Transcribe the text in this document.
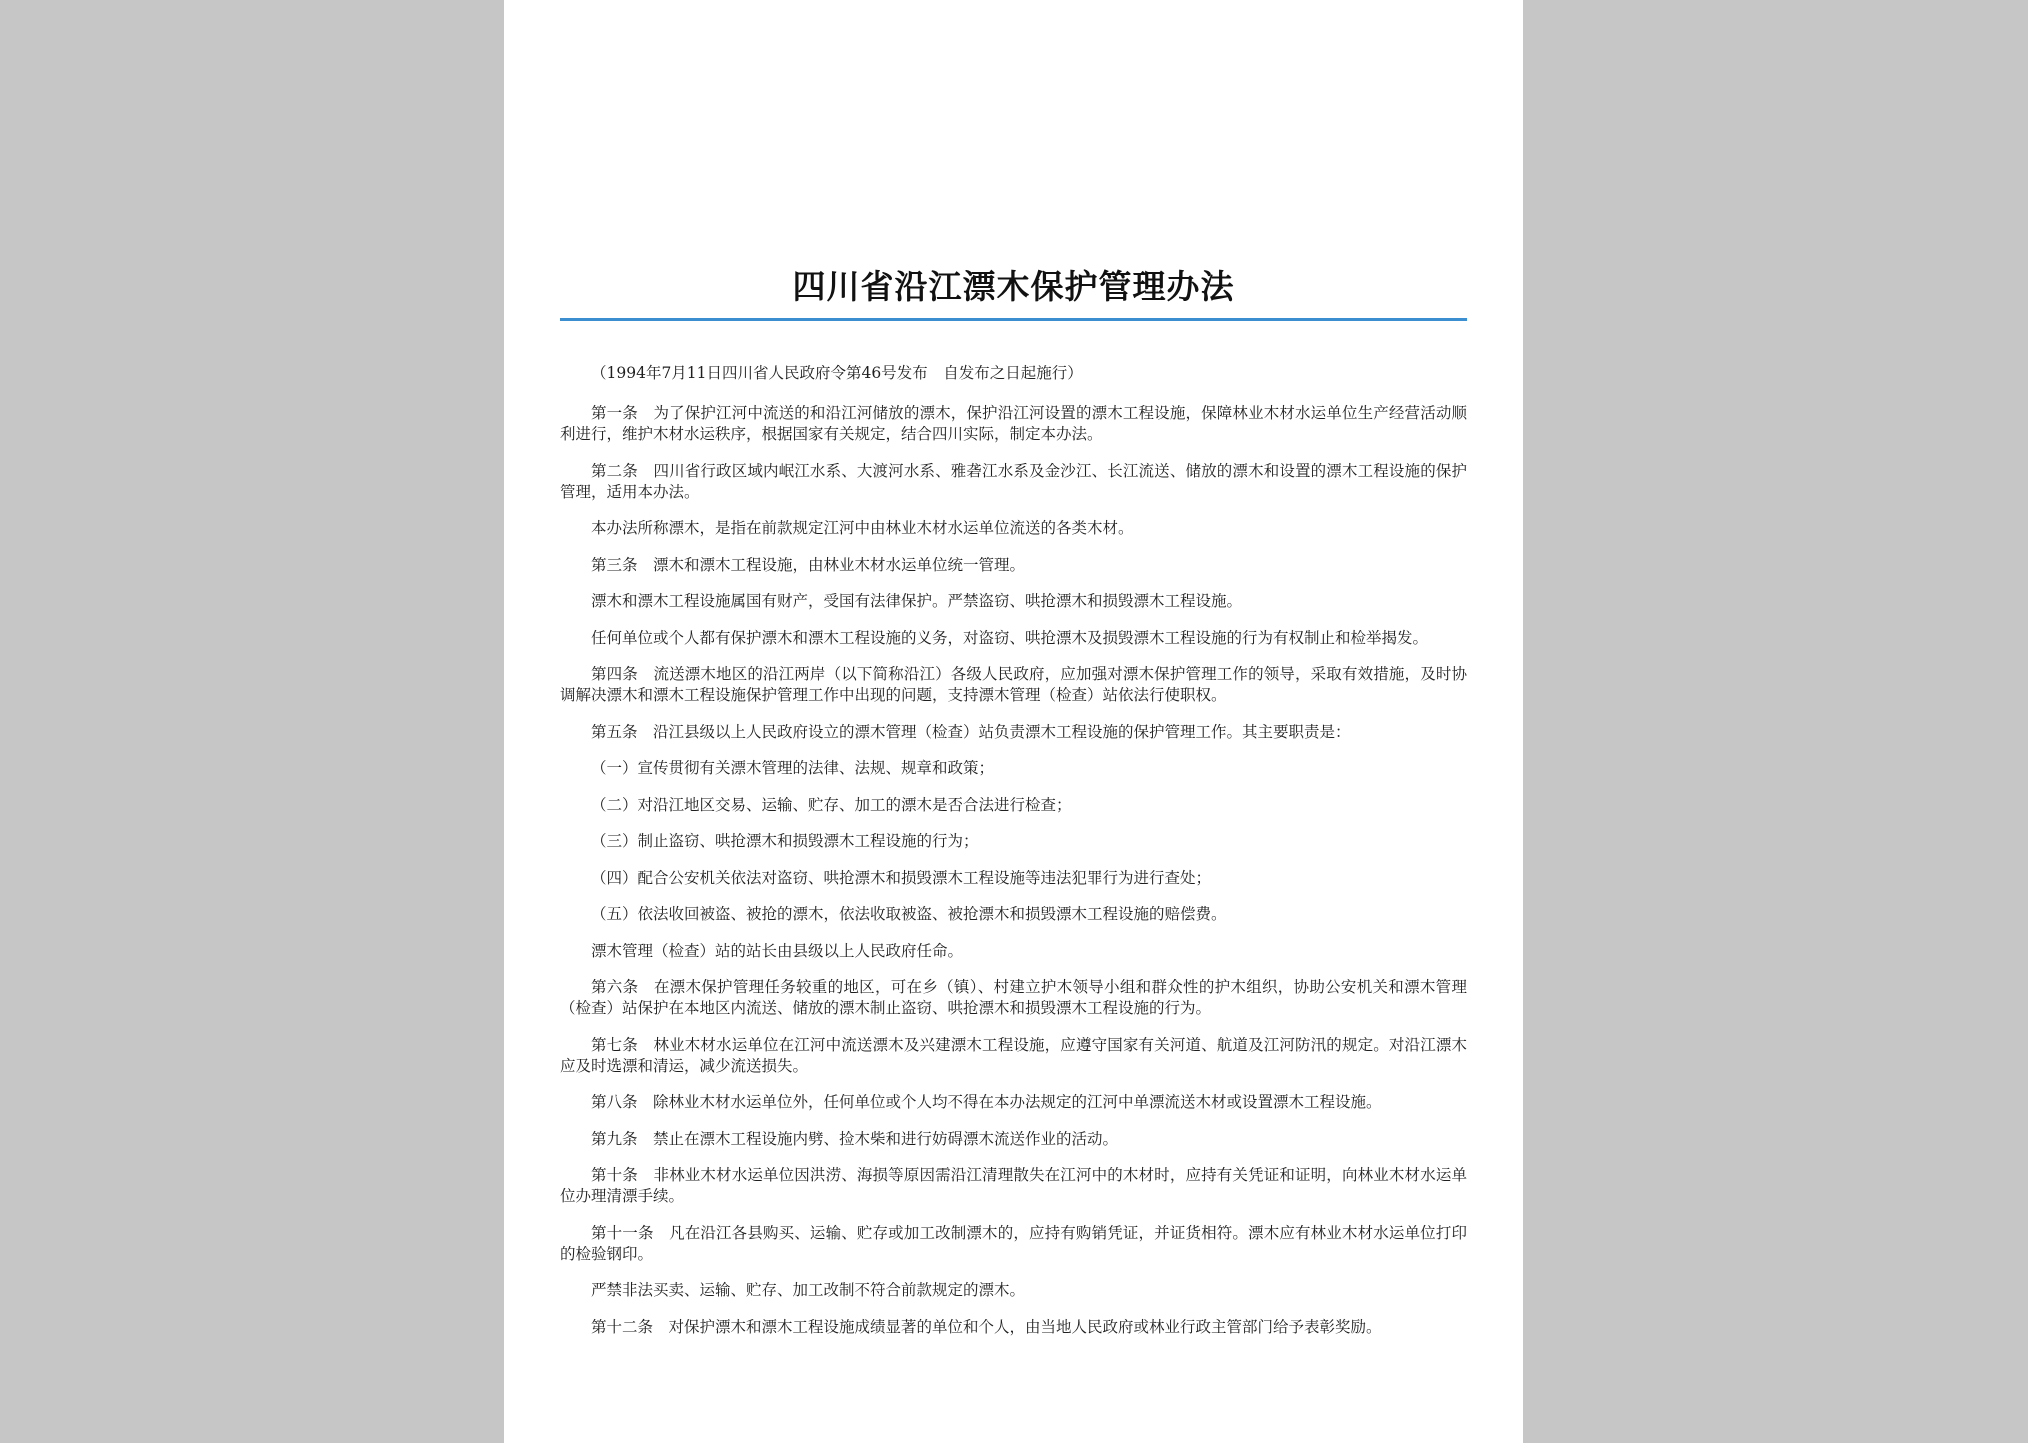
四川省沿江漂木保护管理办法

（1994年7月11日四川省人民政府令第46号发布　自发布之日起施行）

第一条 为了保护江河中流送的和沿江河储放的漂木，保护沿江河设置的漂木工程设施，保障林业木材水运单位生产经营活动顺利进行，维护木材水运秩序，根据国家有关规定，结合四川实际，制定本办法。

第二条 四川省行政区域内岷江水系、大渡河水系、雅砻江水系及金沙江、长江流送、储放的漂木和设置的漂木工程设施的保护管理，适用本办法。

本办法所称漂木，是指在前款规定江河中由林业木材水运单位流送的各类木材。

第三条 漂木和漂木工程设施，由林业木材水运单位统一管理。

漂木和漂木工程设施属国有财产，受国有法律保护。严禁盗窃、哄抢漂木和损毁漂木工程设施。

任何单位或个人都有保护漂木和漂木工程设施的义务，对盗窃、哄抢漂木及损毁漂木工程设施的行为有权制止和检举揭发。

第四条 流送漂木地区的沿江两岸（以下简称沿江）各级人民政府，应加强对漂木保护管理工作的领导，采取有效措施，及时协调解决漂木和漂木工程设施保护管理工作中出现的问题，支持漂木管理（检查）站依法行使职权。

第五条 沿江县级以上人民政府设立的漂木管理（检查）站负责漂木工程设施的保护管理工作。其主要职责是：

（一）宣传贯彻有关漂木管理的法律、法规、规章和政策；

（二）对沿江地区交易、运输、贮存、加工的漂木是否合法进行检查；

（三）制止盗窃、哄抢漂木和损毁漂木工程设施的行为；

（四）配合公安机关依法对盗窃、哄抢漂木和损毁漂木工程设施等违法犯罪行为进行查处；

（五）依法收回被盗、被抢的漂木，依法收取被盗、被抢漂木和损毁漂木工程设施的赔偿费。

漂木管理（检查）站的站长由县级以上人民政府任命。

第六条 在漂木保护管理任务较重的地区，可在乡（镇）、村建立护木领导小组和群众性的护木组织，协助公安机关和漂木管理（检查）站保护在本地区内流送、储放的漂木制止盗窃、哄抢漂木和损毁漂木工程设施的行为。

第七条 林业木材水运单位在江河中流送漂木及兴建漂木工程设施，应遵守国家有关河道、航道及江河防汛的规定。对沿江漂木应及时选漂和清运，减少流送损失。

第八条 除林业木材水运单位外，任何单位或个人均不得在本办法规定的江河中单漂流送木材或设置漂木工程设施。

第九条 禁止在漂木工程设施内劈、捡木柴和进行妨碍漂木流送作业的活动。

第十条 非林业木材水运单位因洪涝、海损等原因需沿江清理散失在江河中的木材时，应持有关凭证和证明，向林业木材水运单位办理清漂手续。

第十一条 凡在沿江各县购买、运输、贮存或加工改制漂木的，应持有购销凭证，并证货相符。漂木应有林业木材水运单位打印的检验钢印。

严禁非法买卖、运输、贮存、加工改制不符合前款规定的漂木。

第十二条 对保护漂木和漂木工程设施成绩显著的单位和个人，由当地人民政府或林业行政主管部门给予表彰奖励。
